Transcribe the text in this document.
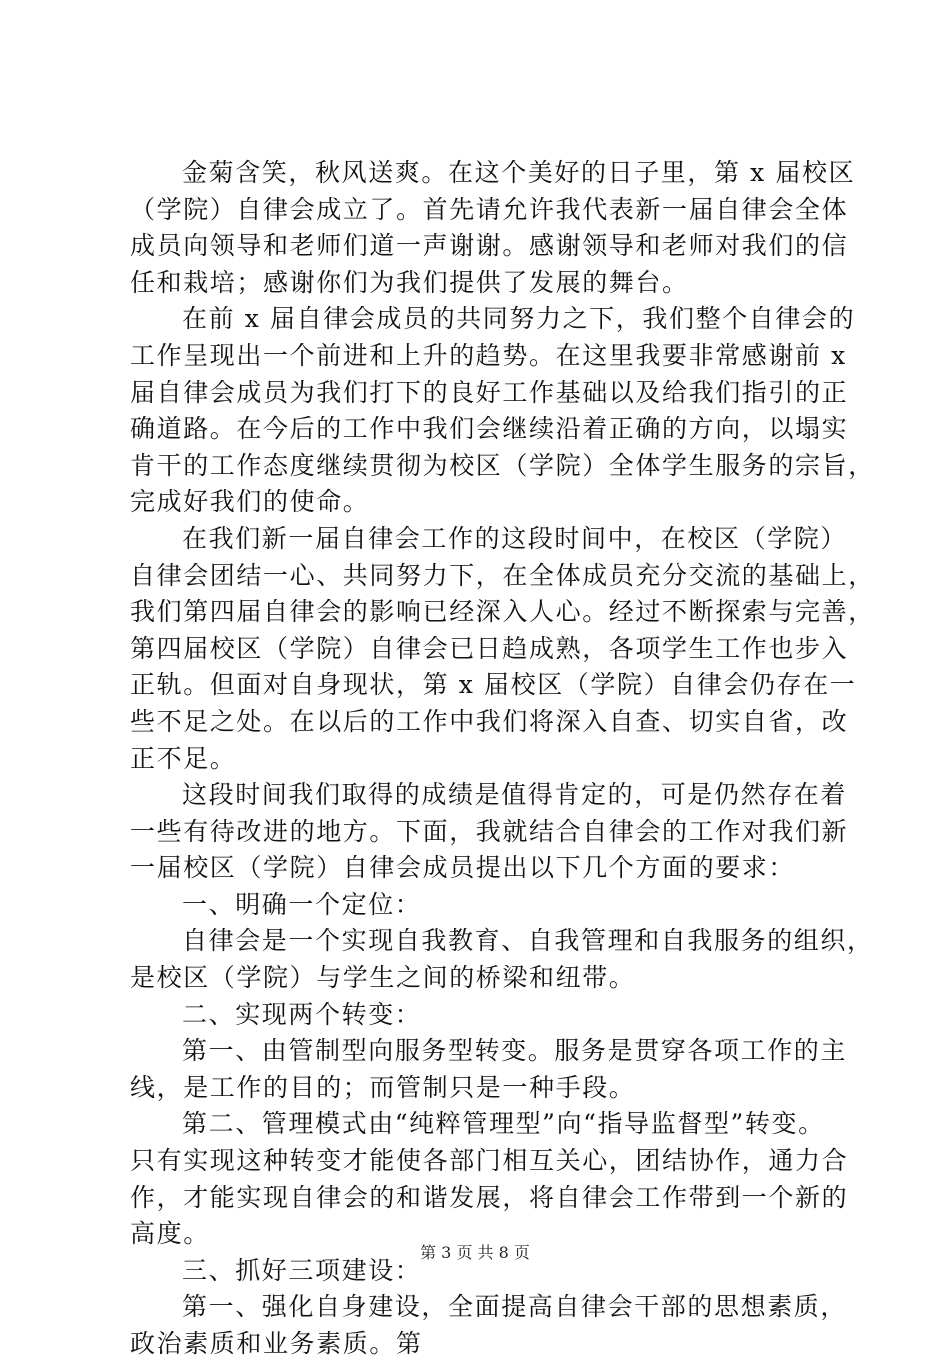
金菊含笑，秋风送爽。在这个美好的日子里，第 x 届校区
（学院）自律会成立了。首先请允许我代表新一届自律会全体
成员向领导和老师们道一声谢谢。感谢领导和老师对我们的信
任和栽培；感谢你们为我们提供了发展的舞台。
在前 x 届自律会成员的共同努力之下，我们整个自律会的
工作呈现出一个前进和上升的趋势。在这里我要非常感谢前 x
届自律会成员为我们打下的良好工作基础以及给我们指引的正
确道路。在今后的工作中我们会继续沿着正确的方向，以塌实
肯干的工作态度继续贯彻为校区（学院）全体学生服务的宗旨，
完成好我们的使命。
在我们新一届自律会工作的这段时间中，在校区（学院）
自律会团结一心、共同努力下，在全体成员充分交流的基础上，
我们第四届自律会的影响已经深入人心。经过不断探索与完善，
第四届校区（学院）自律会已日趋成熟，各项学生工作也步入
正轨。但面对自身现状，第 x 届校区（学院）自律会仍存在一
些不足之处。在以后的工作中我们将深入自查、切实自省，改
正不足。
这段时间我们取得的成绩是值得肯定的，可是仍然存在着
一些有待改进的地方。下面，我就结合自律会的工作对我们新
一届校区（学院）自律会成员提出以下几个方面的要求：
一、明确一个定位：
自律会是一个实现自我教育、自我管理和自我服务的组织，
是校区（学院）与学生之间的桥梁和纽带。
二、实现两个转变：
第一、由管制型向服务型转变。服务是贯穿各项工作的主
线，是工作的目的；而管制只是一种手段。
第二、管理模式由“纯粹管理型”向“指导监督型”转变。
只有实现这种转变才能使各部门相互关心，团结协作，通力合
作，才能实现自律会的和谐发展，将自律会工作带到一个新的
高度。
三、抓好三项建设：
第一、强化自身建设，全面提高自律会干部的思想素质，
政治素质和业务素质。第
第 3 页 共 8 页
